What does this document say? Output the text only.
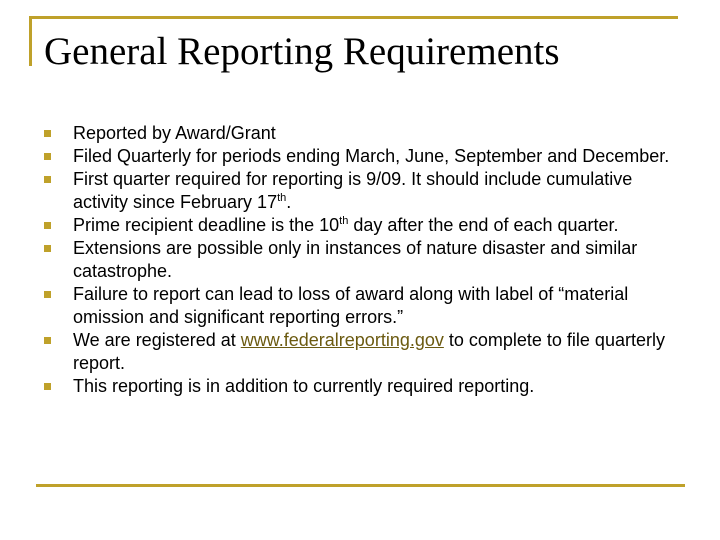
General Reporting Requirements
Reported by Award/Grant
Filed Quarterly for periods ending March, June, September and December.
First quarter required for reporting is 9/09. It should include cumulative activity since February 17th.
Prime recipient deadline is the 10th day after the end of each quarter.
Extensions are possible only in instances of nature disaster and similar catastrophe.
Failure to report can lead to loss of award along with label of “material omission and significant reporting errors.”
We are registered at www.federalreporting.gov to complete to file quarterly report.
This reporting is in addition to currently required reporting.
